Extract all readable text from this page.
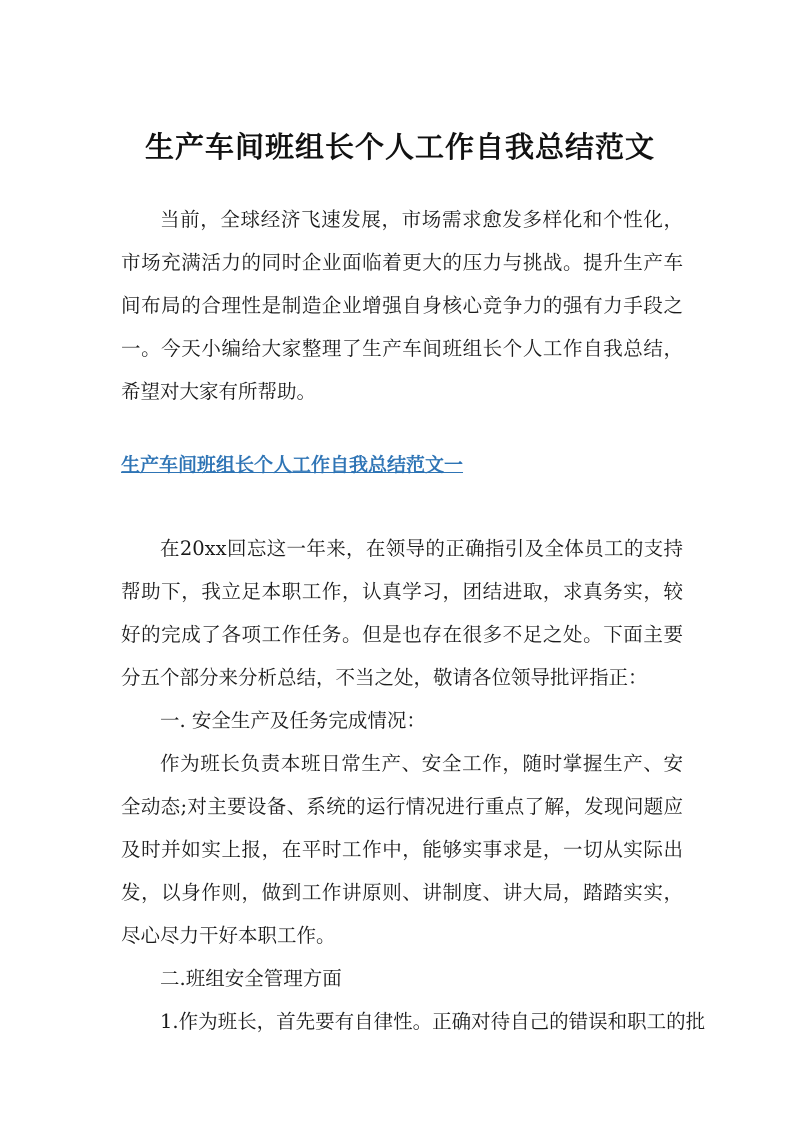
生产车间班组长个人工作自我总结范文

当前，全球经济飞速发展，市场需求愈发多样化和个性化，市场充满活力的同时企业面临着更大的压力与挑战。提升生产车间布局的合理性是制造企业增强自身核心竞争力的强有力手段之一。今天小编给大家整理了生产车间班组长个人工作自我总结，希望对大家有所帮助。

生产车间班组长个人工作自我总结范文一

在20xx回忘这一年来，在领导的正确指引及全体员工的支持帮助下，我立足本职工作，认真学习，团结进取，求真务实，较好的完成了各项工作任务。但是也存在很多不足之处。下面主要分五个部分来分析总结，不当之处，敬请各位领导批评指正：

一. 安全生产及任务完成情况：

作为班长负责本班日常生产、安全工作，随时掌握生产、安全动态;对主要设备、系统的运行情况进行重点了解，发现问题应及时并如实上报，在平时工作中，能够实事求是，一切从实际出发，以身作则，做到工作讲原则、讲制度、讲大局，踏踏实实，尽心尽力干好本职工作。

二.班组安全管理方面

1.作为班长，首先要有自律性。正确对待自己的错误和职工的批
